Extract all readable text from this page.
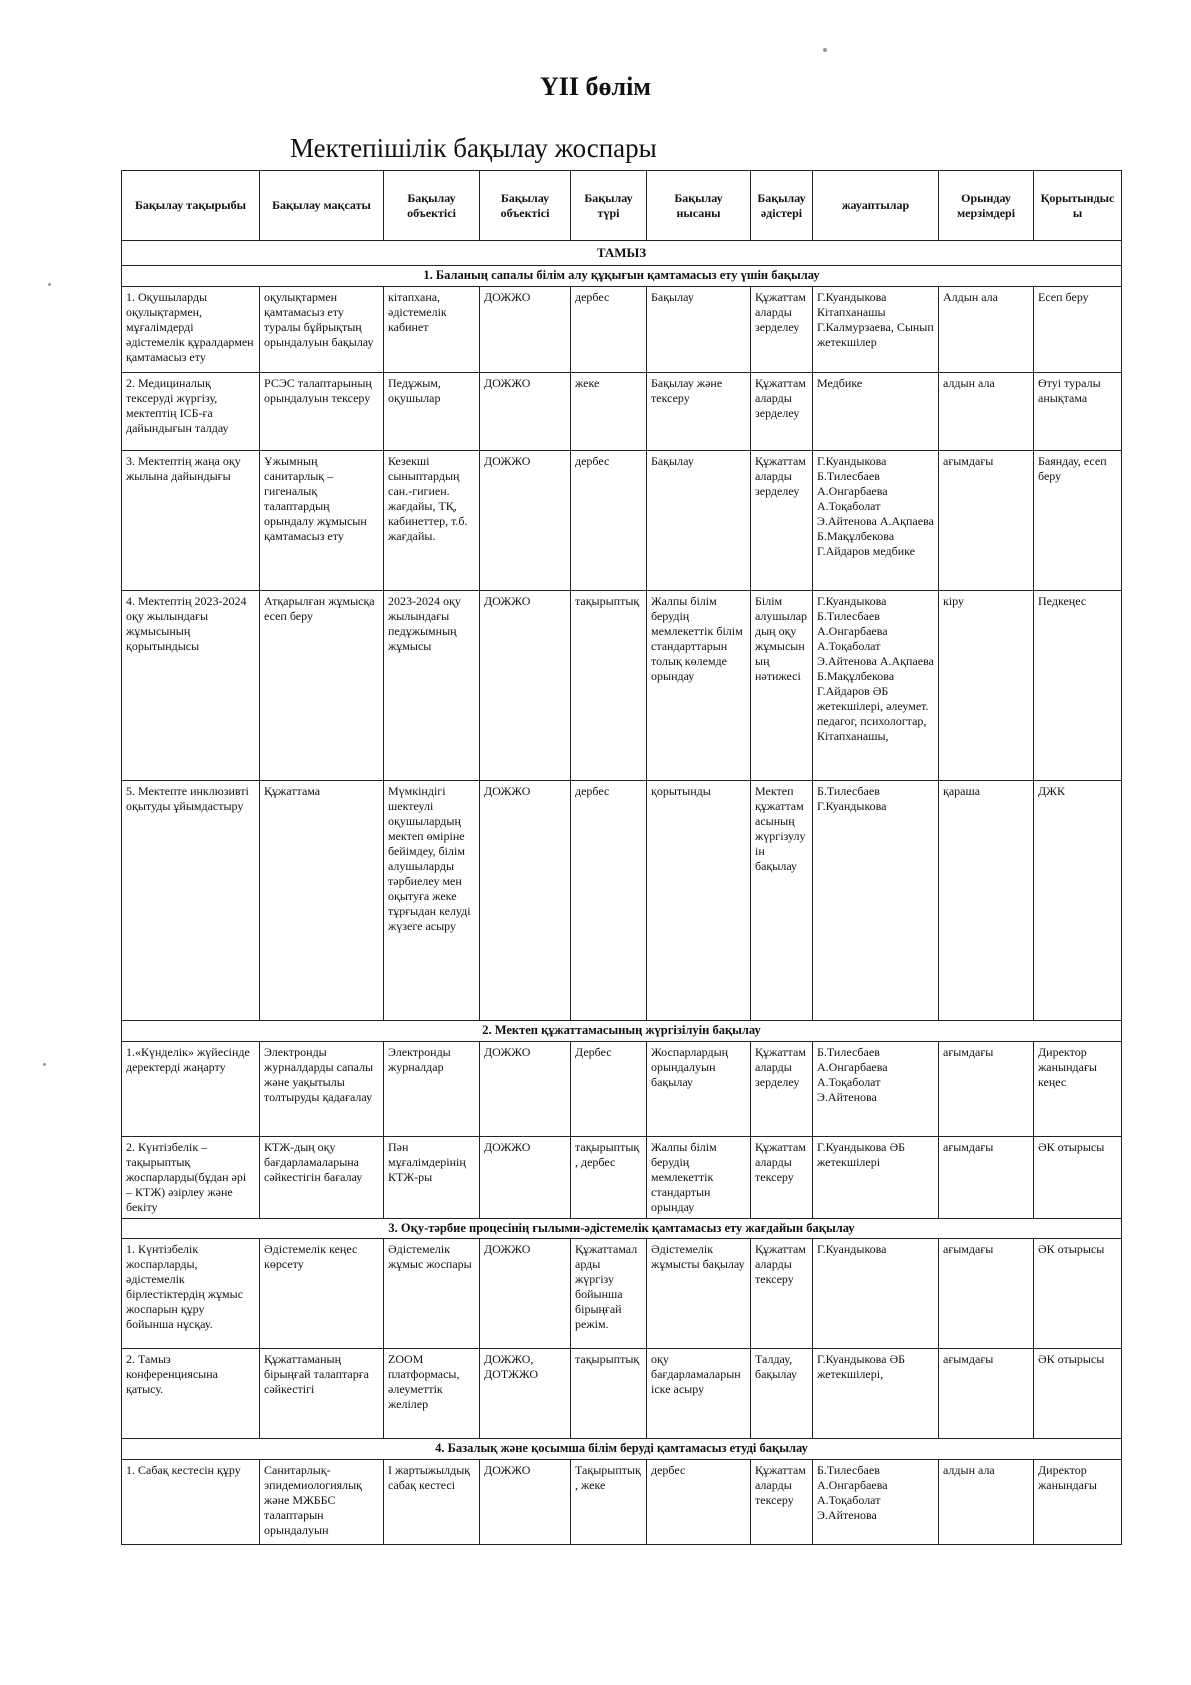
YII бөлім
Мектепішілік бақылау жоспары
Бақылау тақырыбы	Бақылау мақсаты	Бақылау объектісі	Бақылау объектісі	Бақылау түрі	Бақылау нысаны	Бақылау әдістері	жауаптылар	Орындау мерзімдері	Қорытындысы
ТАМЫЗ									
1. Баланың сапалы білім алу құқығын қамтамасыз ету үшін бақылау									
1. Оқушыларды оқулықтармен, мұғалімдерді әдістемелік құралдармен қамтамасыз ету	оқулықтармен қамтамасыз ету туралы бұйрықтың орындалуын бақылау	кітапхана, әдістемелік кабинет	ДОЖЖО	дербес	Бақылау	Құжаттамаларды зерделеу	Г.Куандыкова Кітапханашы Г.Калмурзаева, Сынып жетекшілер	Алдын ала	Есеп беру
2. Медициналық тексеруді жүргізу, мектептің ІСБ-ға дайындығын талдау	РСЭС талаптарының орындалуын тексеру	Педұжым, оқушылар	ДОЖЖО	жеке	Бақылау және тексеру	Құжаттамаларды зерделеу	Медбике	алдын ала	Өтуі туралы анықтама
3. Мектептің жаңа оқу жылына дайындығы	Ұжымның санитарлық – гигеналық талаптардың орындалу жұмысын қамтамасыз ету	Кезекші сыныптардың сан.-гигиен. жағдайы, ТҚ, кабинеттер, т.б. жағдайы.	ДОЖЖО	дербес	Бақылау	Құжаттамаларды зерделеу	Г.Куандыкова Б.Тилесбаев А.Онгарбаева А.Тоқаболат Э.Айтенова А.Ақпаева Б.Мақұлбекова Г.Айдаров медбике	ағымдағы	Баяндау, есеп беру
4. Мектептің 2023-2024 оқу жылындағы жұмысының қорытындысы	Атқарылған жұмысқа есеп беру	2023-2024 оқу жылындағы педұжымның жұмысы	ДОЖЖО	тақырыптық	Жалпы білім берудің мемлекеттік білім стандарттарын толық көлемде орындау	Білім алушылардың оқу жұмысының нәтижесі	Г.Куандыкова Б.Тилесбаев А.Онгарбаева А.Тоқаболат Э.Айтенова А.Ақпаева Б.Мақұлбекова Г.Айдаров ӘБ жетекшілері, әлеумет. педагог, психологтар, Кітапханашы,	кіру	Педкеңес
5. Мектепте инклюзивті оқытуды ұйымдастыру	Құжаттама	Мүмкіндігі шектеулі оқушылардың мектеп өміріне бейімдеу, білім алушыларды тәрбиелеу мен оқытуға жеке тұрғыдан келуді жүзеге асыру	ДОЖЖО	дербес	қорытынды	Мектеп құжаттамасының жүргізулуін бақылау	Б.Тилесбаев Г.Куандыкова	қараша	ДЖК
2. Мектеп құжаттамасының жүргізілуін бақылау									
1.«Күнделік» жүйесінде деректерді жаңарту	Электронды журналдарды сапалы және уақытылы толтыруды қадағалау	Электронды журналдар	ДОЖЖО	Дербес	Жоспарлардың орындалуын бақылау	Құжаттамаларды зерделеу	Б.Тилесбаев А.Онгарбаева А.Тоқаболат Э.Айтенова	ағымдағы	Директор жанындағы кеңес
2. Күнтізбелік – тақырыптық жоспарларды(бұдан әрі – КТЖ) әзірлеу және бекіту	КТЖ-дың оқу бағдарламаларына сәйкестігін бағалау	Пән мұғалімдерінің КТЖ-ры	ДОЖЖО	тақырыптық, дербес	Жалпы білім берудің мемлекеттік стандартын орындау	Құжаттамаларды тексеру	Г.Куандыкова ӘБ жетекшілері	ағымдағы	ӘК отырысы
3. Оқу-тәрбие процесінің ғылыми-әдістемелік қамтамасыз ету жағдайын бақылау									
1. Күнтізбелік жоспарларды, әдістемелік бірлестіктердің жұмыс жоспарын құру бойынша нұсқау.	Әдістемелік кеңес көрсету	Әдістемелік жұмыс жоспары	ДОЖЖО	Құжаттамаларды жүргізу бойынша бірыңғай режім.	Әдістемелік жұмысты бақылау	Құжаттамаларды тексеру	Г.Куандыкова	ағымдағы	ӘК отырысы
2. Тамыз конференциясына қатысу.	Құжаттаманың бірыңғай талаптарға сәйкестігі	ZOOM платформасы, әлеуметтік желілер	ДОЖЖО, ДОТЖЖО	тақырыптық	оқу бағдарламаларын іске асыру	Талдау, бақылау	Г.Куандыкова ӘБ жетекшілері,	ағымдағы	ӘК отырысы
4. Базалық және қосымша білім беруді қамтамасыз етуді бақылау									
1. Сабақ кестесін құру	Санитарлық-эпидемиологиялық және МЖББС талаптарын орындалуын	I жартыжылдық сабақ кестесі	ДОЖЖО	Тақырыптық, жеке	дербес	Құжаттамаларды тексеру	Б.Тилесбаев А.Онгарбаева А.Тоқаболат Э.Айтенова	алдын ала	Директор жанындағы
